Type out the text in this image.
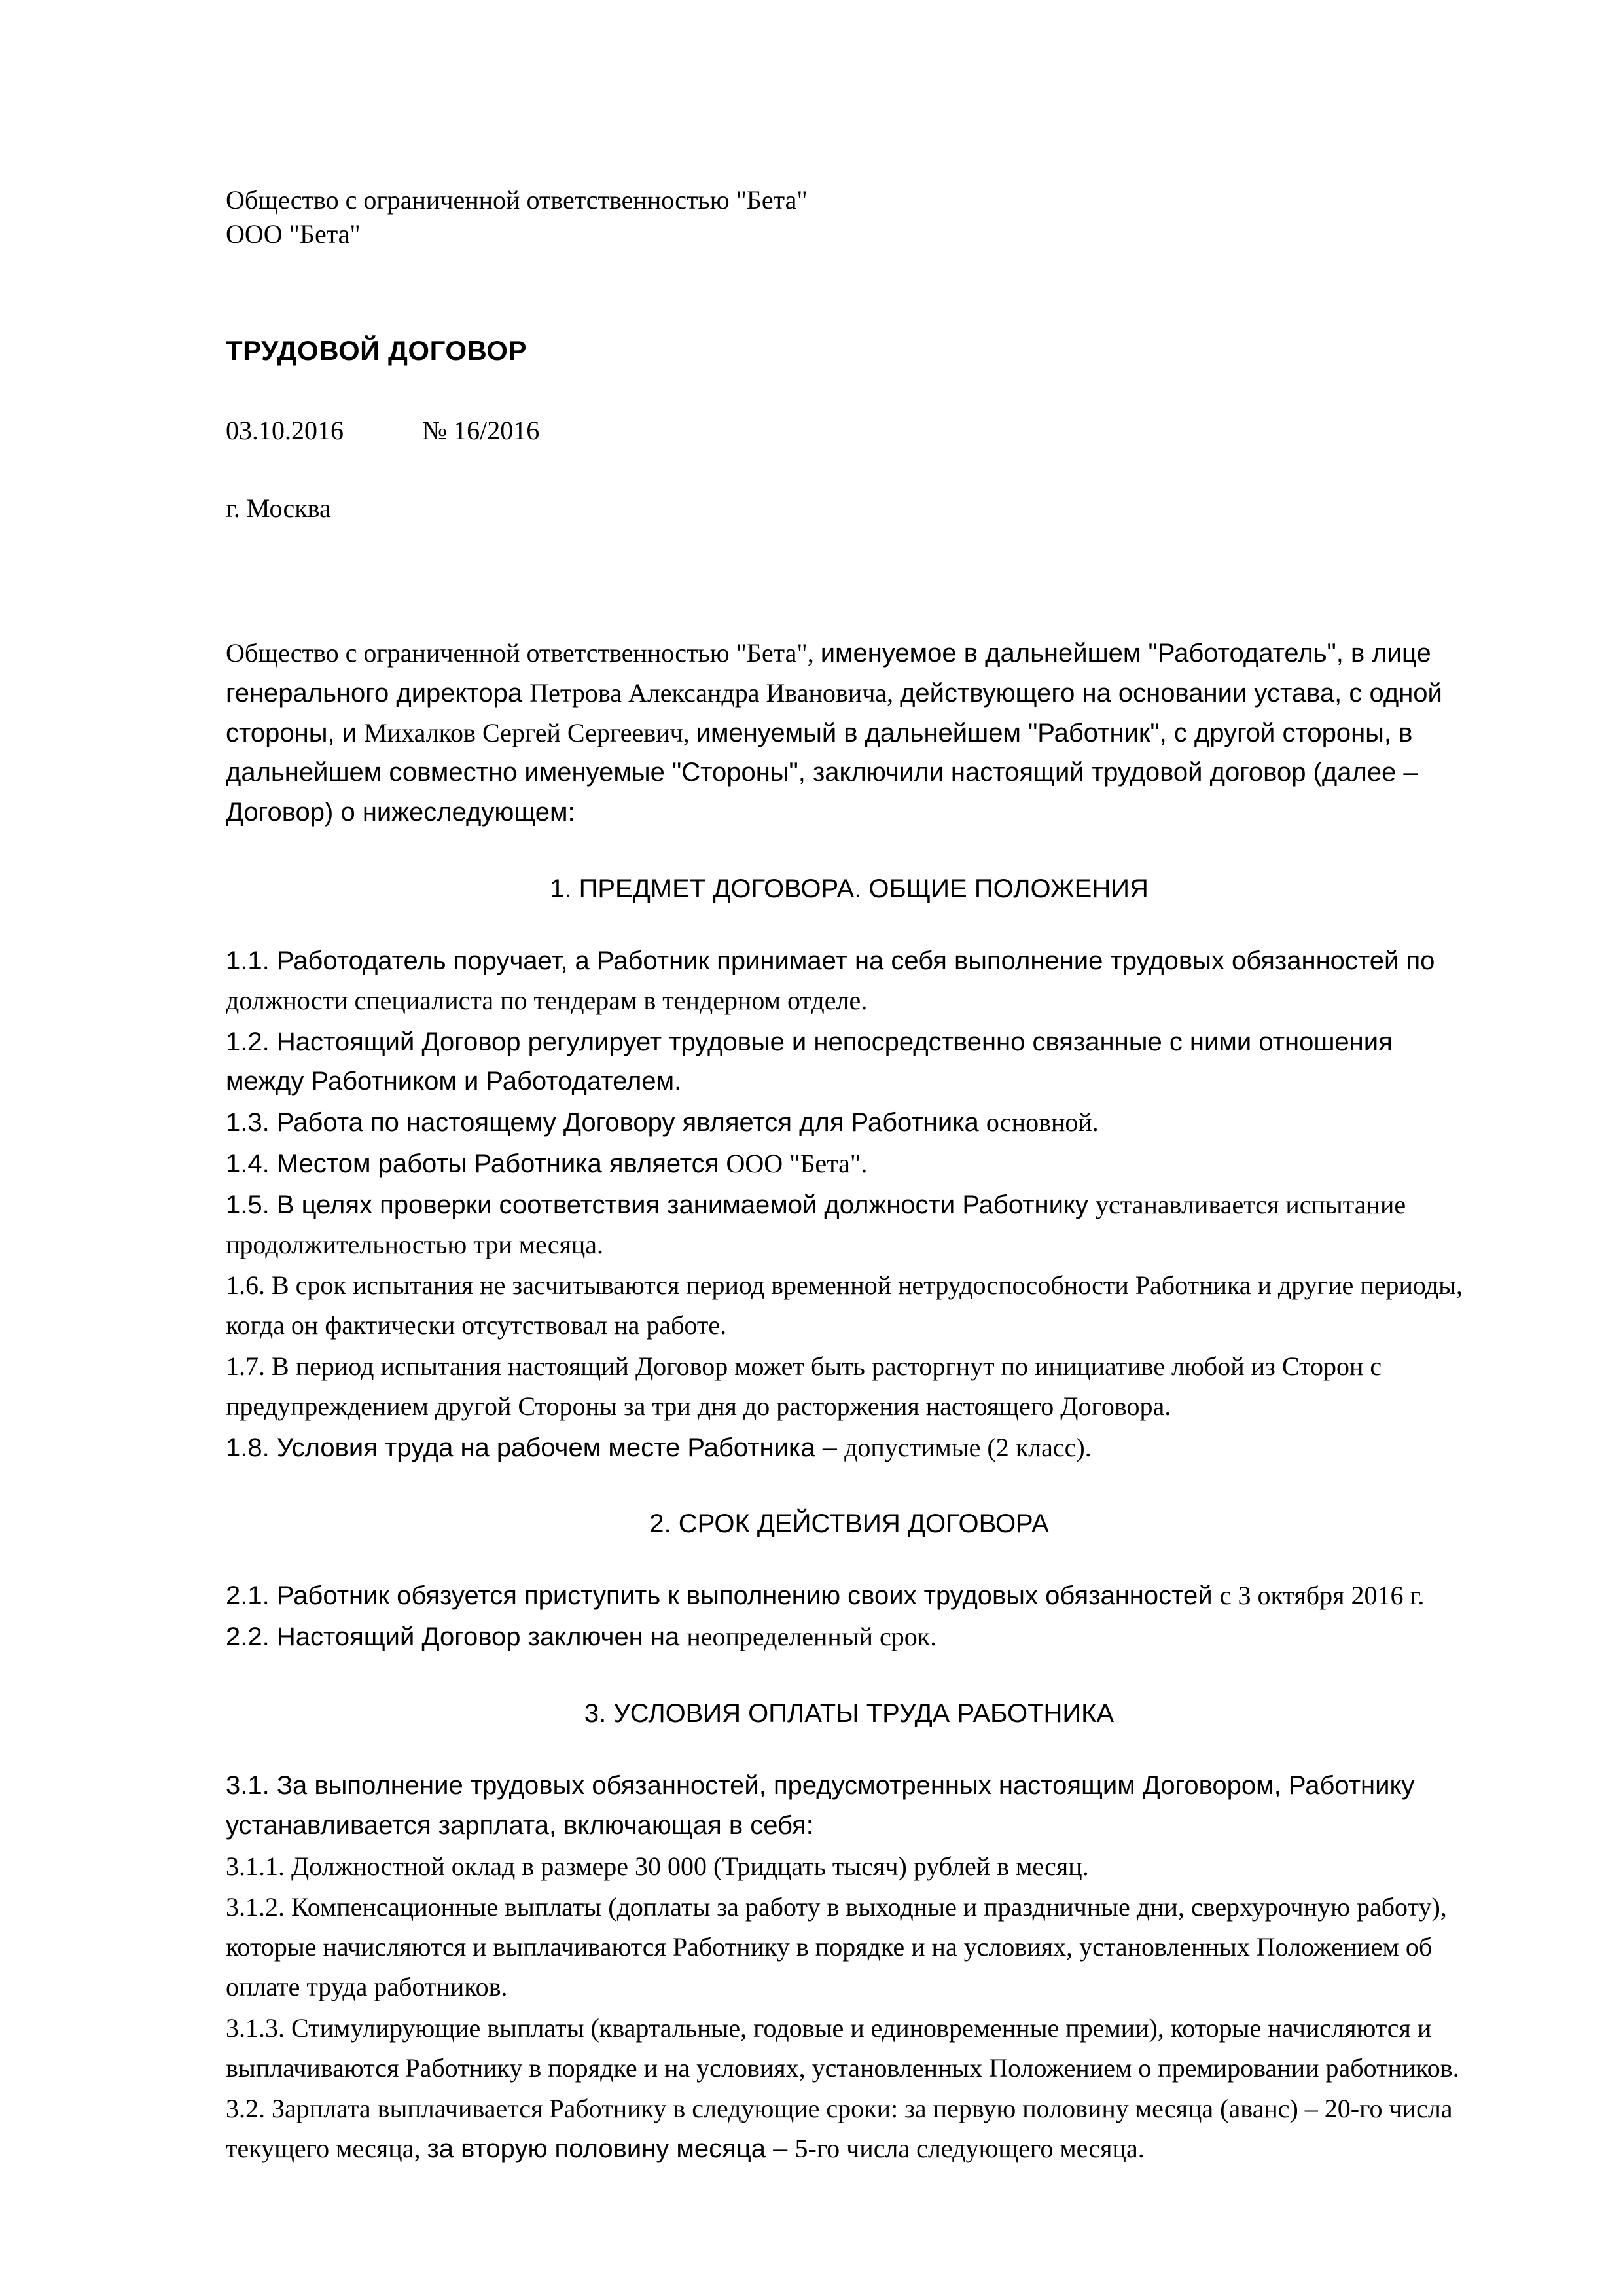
Общество с ограниченной ответственностью "Бета"
ООО "Бета"
ТРУДОВОЙ ДОГОВОР
03.10.2016	№ 16/2016
г. Москва
Общество с ограниченной ответственностью "Бета", именуемое в дальнейшем "Работодатель", в лице генерального директора Петрова Александра Ивановича, действующего на основании устава, с одной стороны, и Михалков Сергей Сергеевич, именуемый в дальнейшем "Работник", с другой стороны, в дальнейшем совместно именуемые "Стороны", заключили настоящий трудовой договор (далее – Договор) о нижеследующем:
1. ПРЕДМЕТ ДОГОВОРА. ОБЩИЕ ПОЛОЖЕНИЯ

1.1. Работодатель поручает, а Работник принимает на себя выполнение трудовых обязанностей по должности специалиста по тендерам в тендерном отделе.

1.2. Настоящий Договор регулирует трудовые и непосредственно связанные с ними отношения между Работником и Работодателем.

1.3. Работа по настоящему Договору является для Работника основной.

1.4. Местом работы Работника является ООО "Бета".

1.5. В целях проверки соответствия занимаемой должности Работнику устанавливается испытание продолжительностью три месяца.

1.6. В срок испытания не засчитываются период временной нетрудоспособности Работника и другие периоды, когда он фактически отсутствовал на работе.

1.7. В период испытания настоящий Договор может быть расторгнут по инициативе любой из Сторон с предупреждением другой Стороны за три дня до расторжения настоящего Договора.

1.8. Условия труда на рабочем месте Работника – допустимые (2 класс).

2. СРОК ДЕЙСТВИЯ ДОГОВОРА

2.1. Работник обязуется приступить к выполнению своих трудовых обязанностей с 3 октября 2016 г.

2.2. Настоящий Договор заключен на неопределенный срок.

3. УСЛОВИЯ ОПЛАТЫ ТРУДА РАБОТНИКА

3.1. За выполнение трудовых обязанностей, предусмотренных настоящим Договором, Работнику устанавливается зарплата, включающая в себя:

3.1.1. Должностной оклад в размере 30 000 (Тридцать тысяч) рублей в месяц.

3.1.2. Компенсационные выплаты (доплаты за работу в выходные и праздничные дни, сверхурочную работу), которые начисляются и выплачиваются Работнику в порядке и на условиях, установленных Положением об оплате труда работников.

3.1.3. Стимулирующие выплаты (квартальные, годовые и единовременные премии), которые начисляются и выплачиваются Работнику в порядке и на условиях, установленных Положением о премировании работников.

3.2. Зарплата выплачивается Работнику в следующие сроки: за первую половину месяца (аванс) – 20-го числа текущего месяца, за вторую половину месяца – 5-го числа следующего месяца.
